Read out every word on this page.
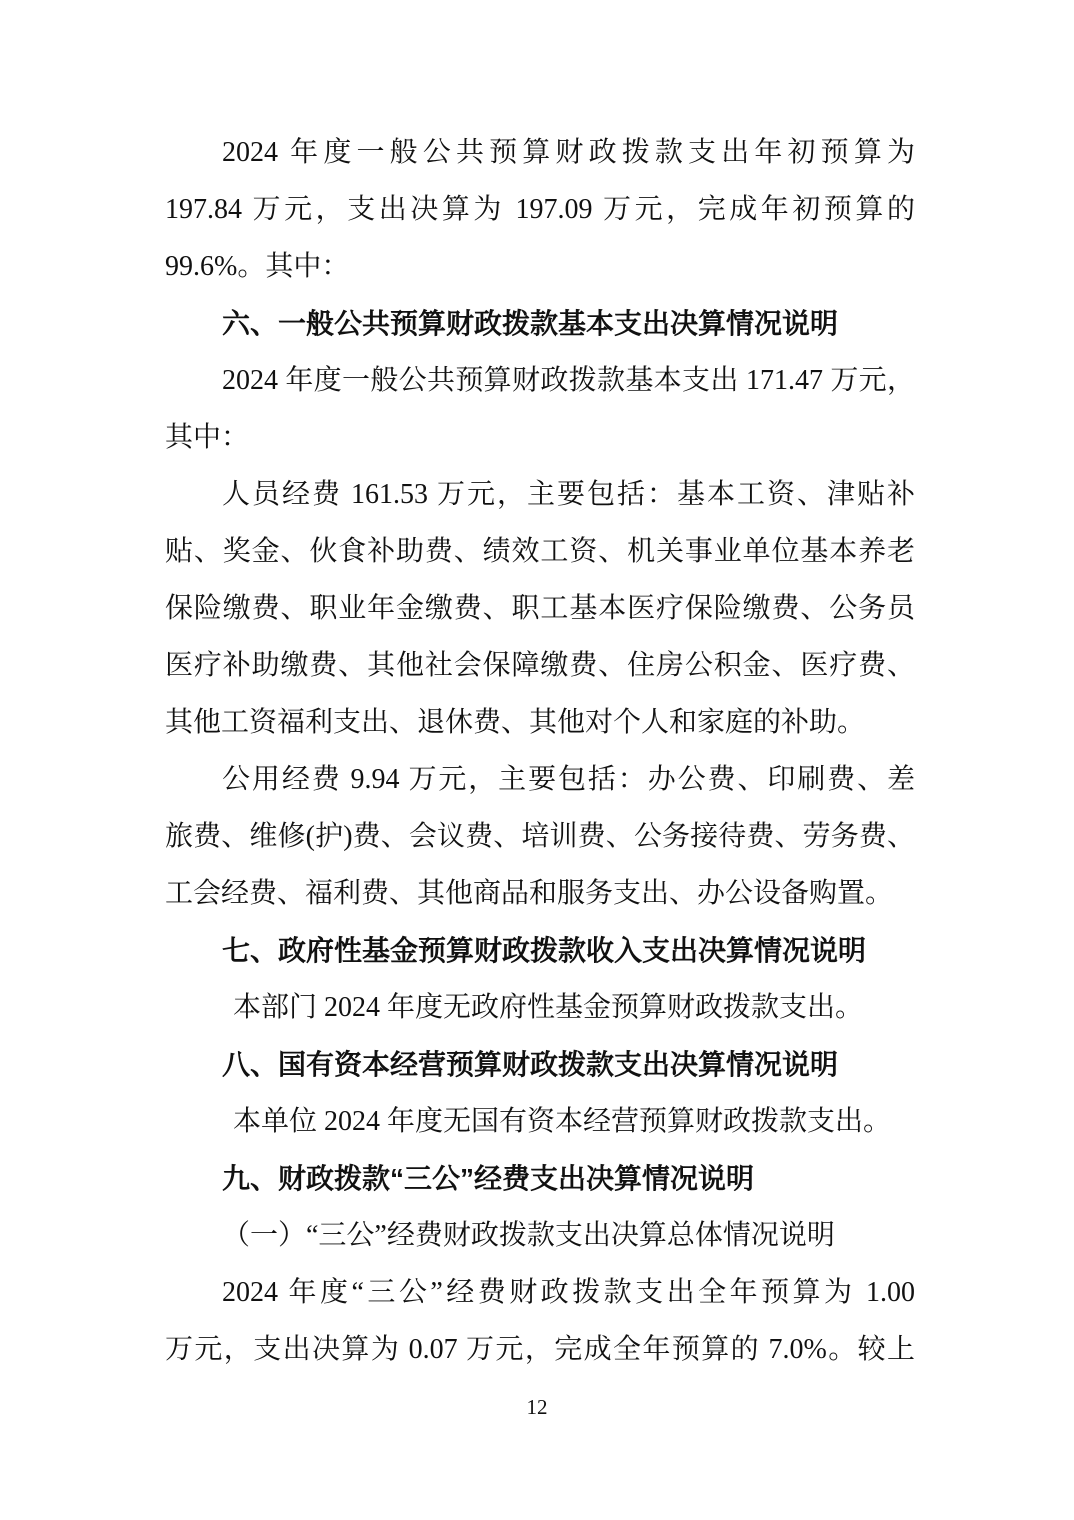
2024 年度一般公共预算财政拨款支出年初预算为
197.84 万元，支出决算为 197.09 万元，完成年初预算的
99.6%。其中：
六、一般公共预算财政拨款基本支出决算情况说明
2024 年度一般公共预算财政拨款基本支出 171.47 万元，
其中：
人员经费 161.53 万元，主要包括：基本工资、津贴补
贴、奖金、伙食补助费、绩效工资、机关事业单位基本养老
保险缴费、职业年金缴费、职工基本医疗保险缴费、公务员
医疗补助缴费、其他社会保障缴费、住房公积金、医疗费、
其他工资福利支出、退休费、其他对个人和家庭的补助。
公用经费 9.94 万元，主要包括：办公费、印刷费、差
旅费、维修(护)费、会议费、培训费、公务接待费、劳务费、
工会经费、福利费、其他商品和服务支出、办公设备购置。
七、政府性基金预算财政拨款收入支出决算情况说明
本部门 2024 年度无政府性基金预算财政拨款支出。
八、国有资本经营预算财政拨款支出决算情况说明
本单位 2024 年度无国有资本经营预算财政拨款支出。
九、财政拨款“三公”经费支出决算情况说明
（一）“三公”经费财政拨款支出决算总体情况说明
2024 年度“三公”经费财政拨款支出全年预算为 1.00
万元，支出决算为 0.07 万元，完成全年预算的 7.0%。较上
12
